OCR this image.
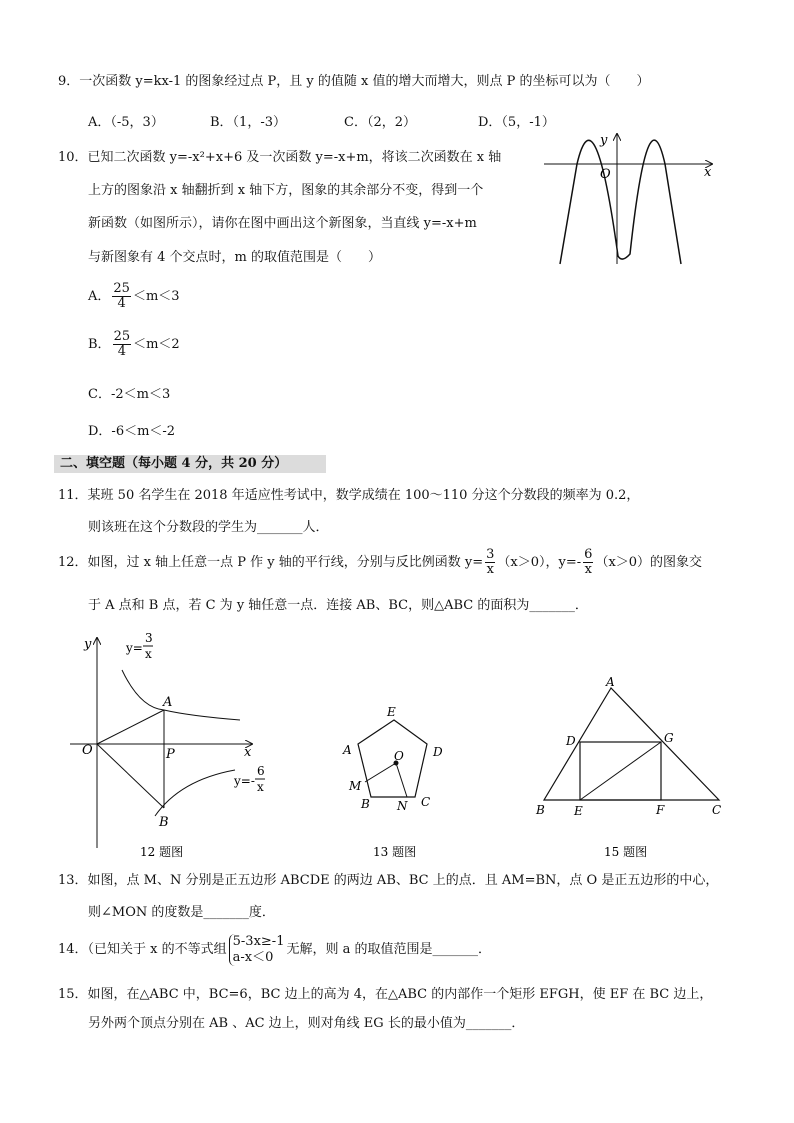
9．一次函数 y=kx-1 的图象经过点 P，且 y 的值随 x 值的增大而增大，则点 P 的坐标可以为（　　）
A．（-5，3）	B．（1，-3）	C．（2，2）	D．（5，-1）
10．已知二次函数 y=-x²+x+6 及一次函数 y=-x+m，将该二次函数在 x 轴
上方的图象沿 x 轴翻折到 x 轴下方，图象的其余部分不变，得到一个
新函数（如图所示），请你在图中画出这个新图象，当直线 y=-x+m
与新图象有 4 个交点时，m 的取值范围是（　　）
A． $\frac{25}{4} <m<3$
B． $\frac{25}{4} <m<2$
C．-2＜m＜3
D．-6＜m＜-2
y
x
O
二、填空题（每小题 4 分，共 20 分）
11．某班 50 名学生在 2018 年适应性考试中，数学成绩在 100～110 分这个分数段的频率为 0.2，
则该班在这个分数段的学生为_______人．
12．如图，过 x 轴上任意一点 P 作 y 轴的平行线，分别与反比例函数 $y= \frac{3}{x} (x>0)$，$y=- \frac{6}{x} (x>0)$的图象交
于 A 点和 B 点，若 C 为 y 轴任意一点．连接 AB、BC，则△ABC 的面积为_______．
y
x
O
A
P
B
y=
3
x
y=-
6
x
12 题图
E
D
A	O
M
B N C
13 题图
A
D	G
B E	F	C
15 题图
13．如图，点 M、N 分别是正五边形 ABCDE 的两边 AB、BC 上的点．且 AM=BN，点 O 是正五边形的中心，
则∠MON 的度数是_______度．
14．（已知关于 x 的不等式组
5-3x≥-1
a-x＜0	无解，则 a 的取值范围是_______．
15．如图，在△ABC 中，BC=6，BC 边上的高为 4，在△ABC 的内部作一个矩形 EFGH，使 EF 在 BC 边上，
另外两个顶点分别在 AB 、AC 边上，则对角线 EG 长的最小值为_______．
